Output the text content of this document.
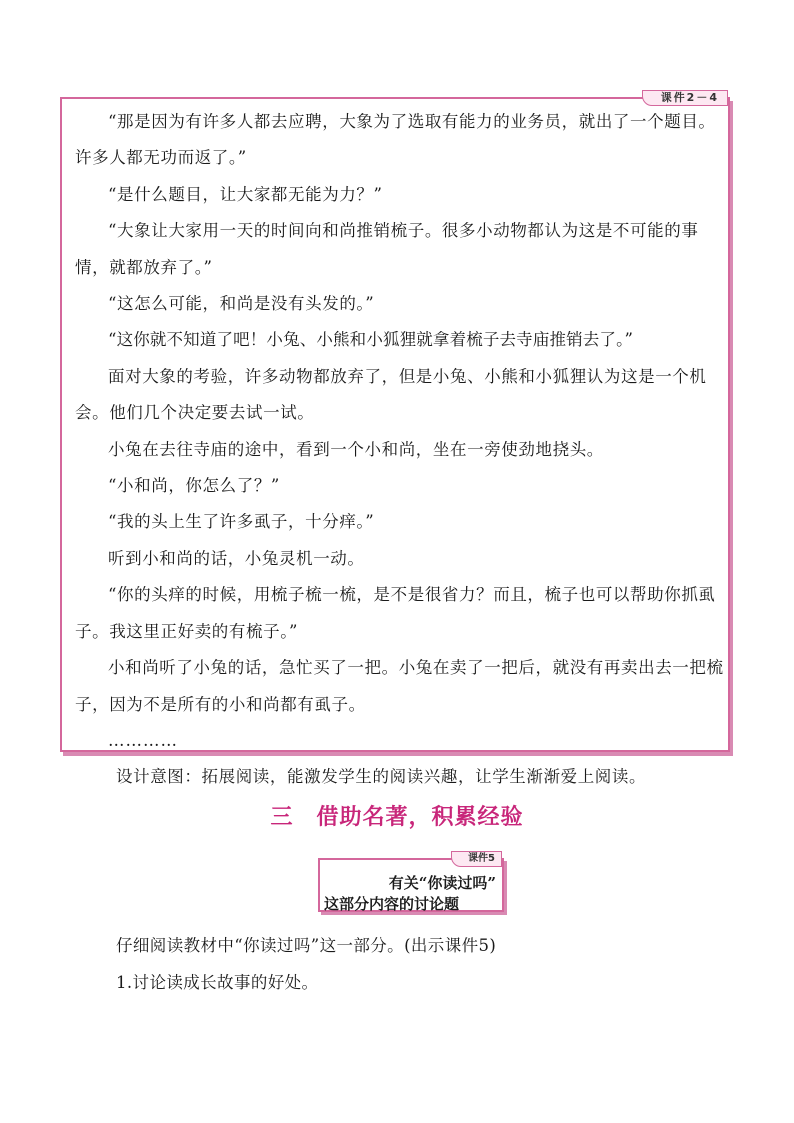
课件2－4

“那是因为有许多人都去应聘，大象为了选取有能力的业务员，就出了一个题目。许多人都无功而返了。”

“是什么题目，让大家都无能为力？”

“大象让大家用一天的时间向和尚推销梳子。很多小动物都认为这是不可能的事情，就都放弃了。”

“这怎么可能，和尚是没有头发的。”

“这你就不知道了吧！小兔、小熊和小狐狸就拿着梳子去寺庙推销去了。”

面对大象的考验，许多动物都放弃了，但是小兔、小熊和小狐狸认为这是一个机会。他们几个决定要去试一试。

小兔在去往寺庙的途中，看到一个小和尚，坐在一旁使劲地挠头。

“小和尚，你怎么了？”

“我的头上生了许多虱子，十分痒。”

听到小和尚的话，小兔灵机一动。

“你的头痒的时候，用梳子梳一梳，是不是很省力？而且，梳子也可以帮助你抓虱子。我这里正好卖的有梳子。”

小和尚听了小兔的话，急忙买了一把。小兔在卖了一把后，就没有再卖出去一把梳子，因为不是所有的小和尚都有虱子。

…………

设计意图：拓展阅读，能激发学生的阅读兴趣，让学生渐渐爱上阅读。

三　借助名著，积累经验
课件5

有关“你读过吗”

这部分内容的讨论题

仔细阅读教材中“你读过吗”这一部分。(出示课件5)

1.讨论读成长故事的好处。
